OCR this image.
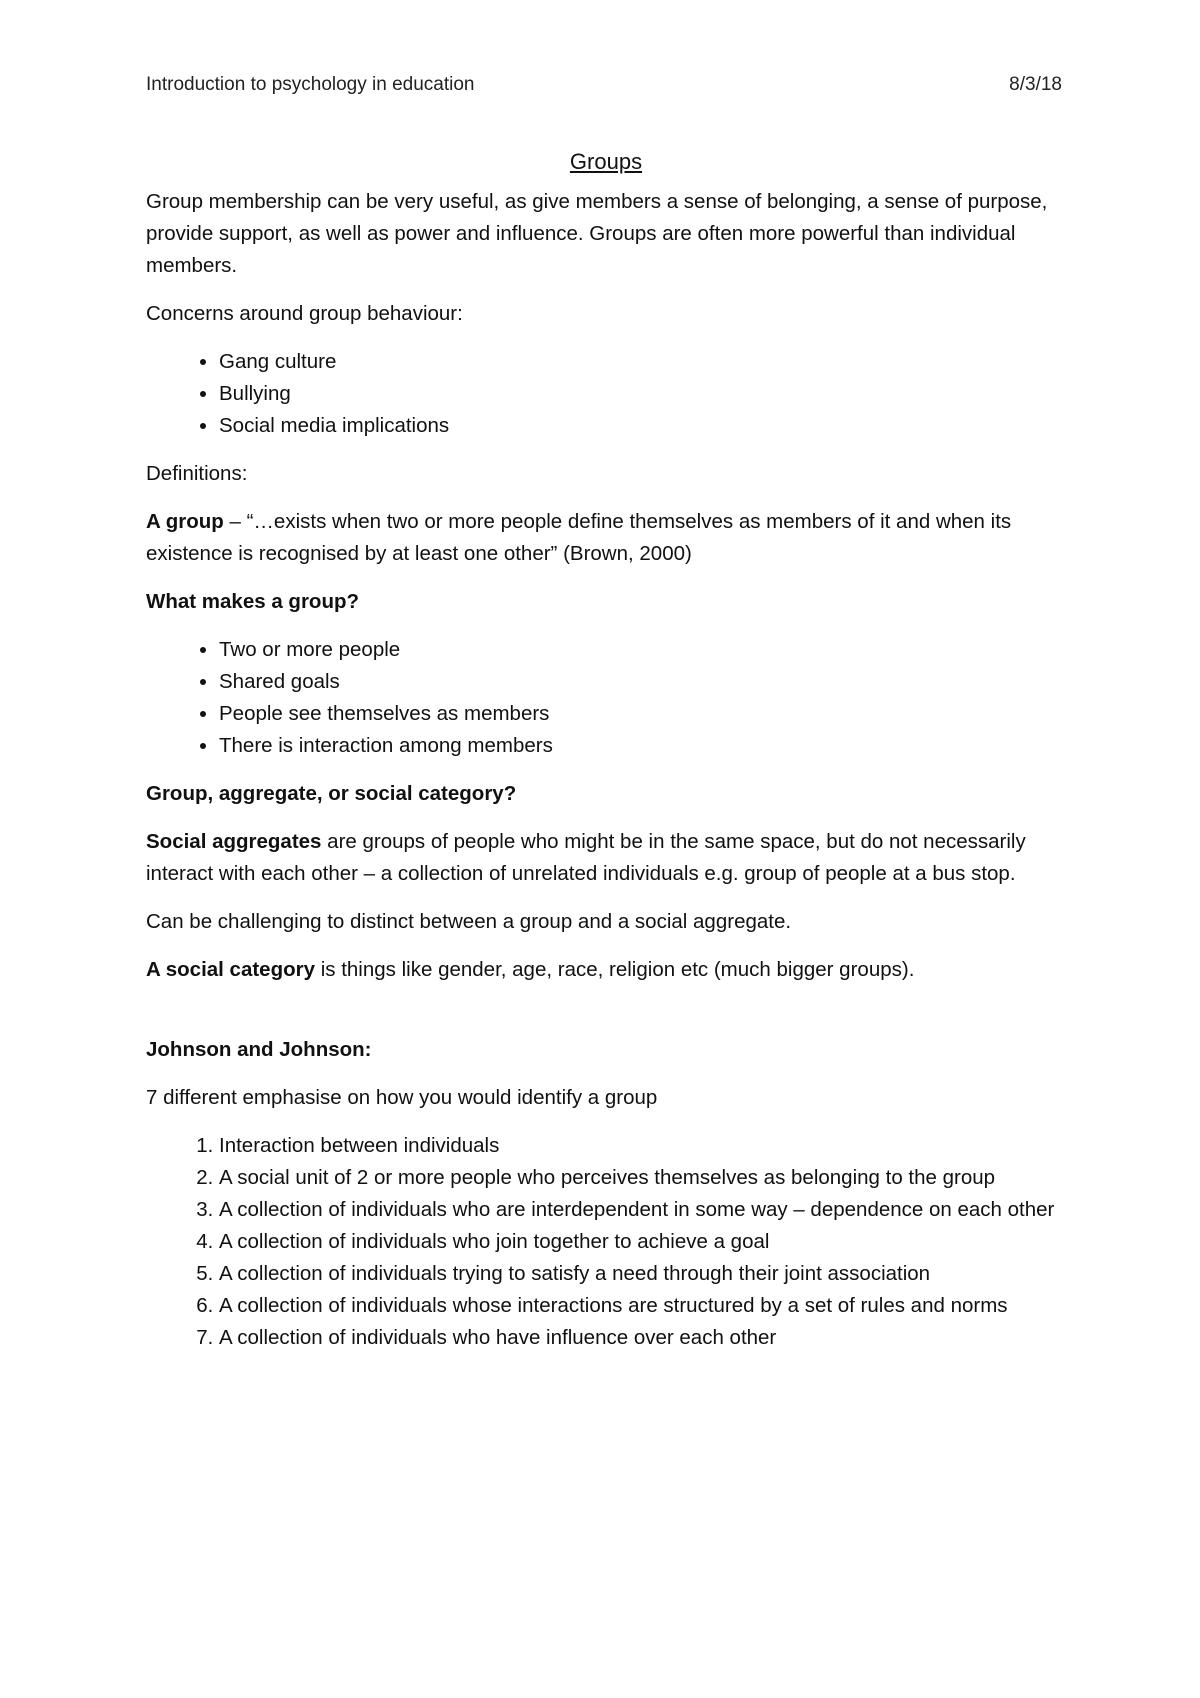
Introduction to psychology in education	8/3/18
Groups

Group membership can be very useful, as give members a sense of belonging, a sense of purpose, provide support, as well as power and influence. Groups are often more powerful than individual members.

Concerns around group behaviour:

• Gang culture
• Bullying
• Social media implications

Definitions:

A group – “…exists when two or more people define themselves as members of it and when its existence is recognised by at least one other” (Brown, 2000)

What makes a group?

• Two or more people
• Shared goals
• People see themselves as members
• There is interaction among members

Group, aggregate, or social category?

Social aggregates are groups of people who might be in the same space, but do not necessarily interact with each other – a collection of unrelated individuals e.g. group of people at a bus stop.

Can be challenging to distinct between a group and a social aggregate.

A social category is things like gender, age, race, religion etc (much bigger groups).

Johnson and Johnson:

7 different emphasise on how you would identify a group

1. Interaction between individuals
2. A social unit of 2 or more people who perceives themselves as belonging to the group
3. A collection of individuals who are interdependent in some way – dependence on each other
4. A collection of individuals who join together to achieve a goal
5. A collection of individuals trying to satisfy a need through their joint association
6. A collection of individuals whose interactions are structured by a set of rules and norms
7. A collection of individuals who have influence over each other
